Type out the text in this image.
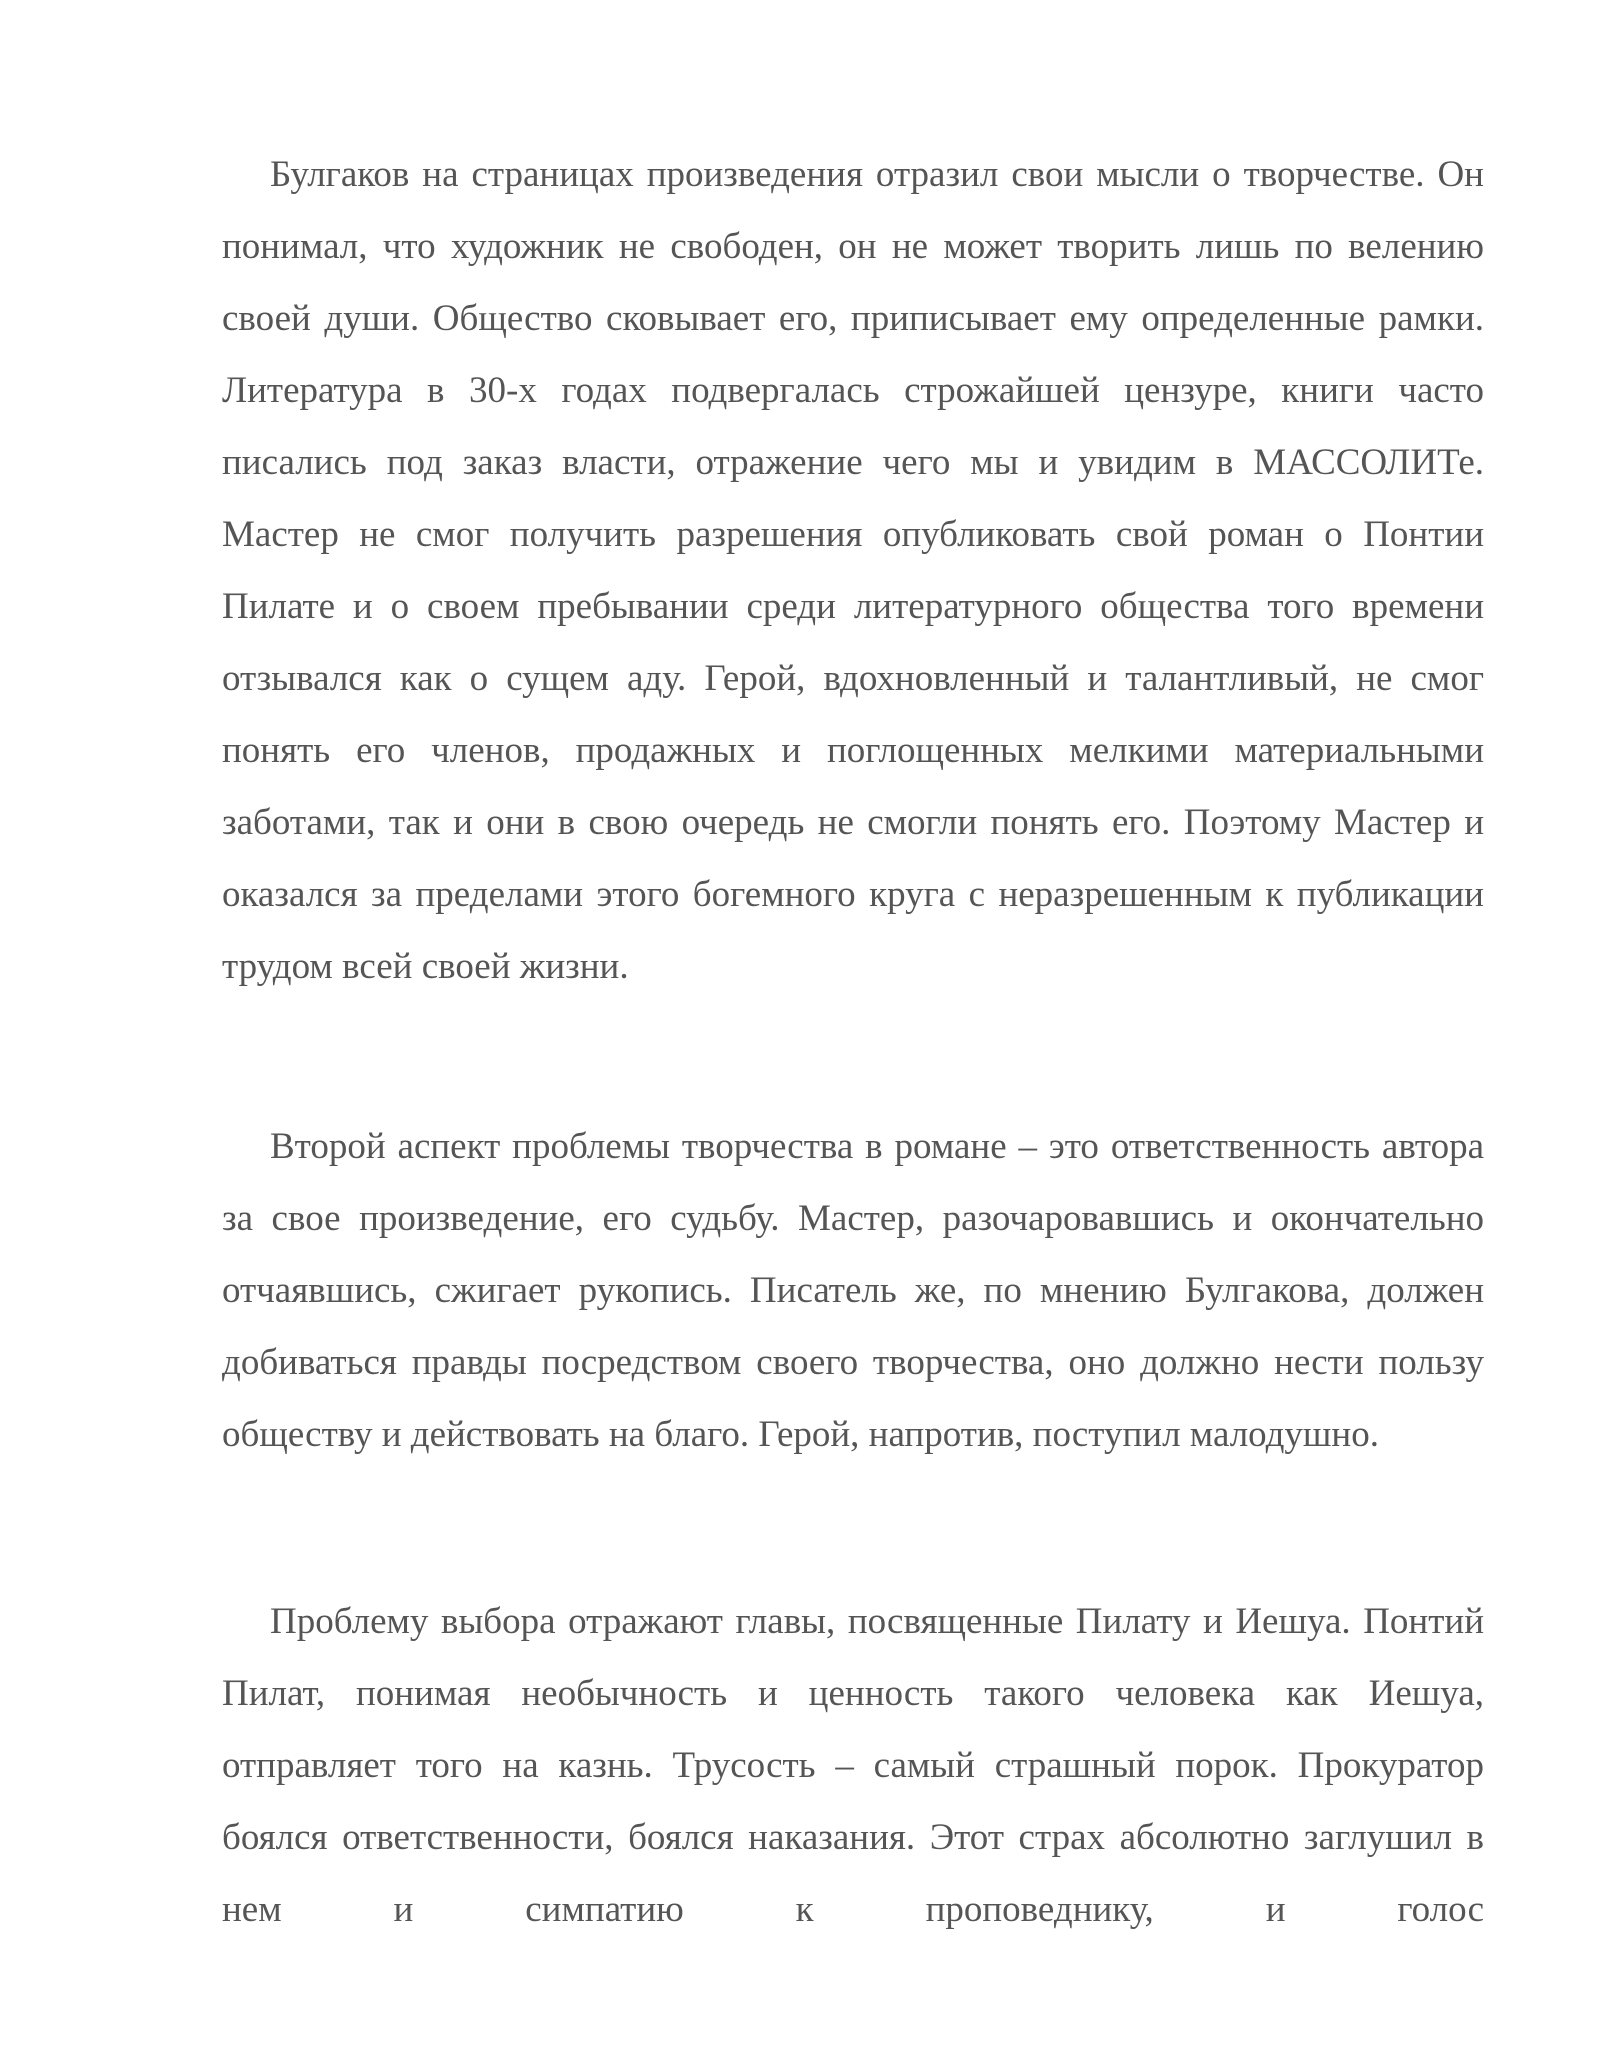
Булгаков на страницах произведения отразил свои мысли о творчестве. Он понимал, что художник не свободен, он не может творить лишь по велению своей души. Общество сковывает его, приписывает ему определенные рамки. Литература в 30-х годах подвергалась строжайшей цензуре, книги часто писались под заказ власти, отражение чего мы и увидим в МАССОЛИТе. Мастер не смог получить разрешения опубликовать свой роман о Понтии Пилате и о своем пребывании среди литературного общества того времени отзывался как о сущем аду. Герой, вдохновленный и талантливый, не смог понять его членов, продажных и поглощенных мелкими материальными заботами, так и они в свою очередь не смогли понять его. Поэтому Мастер и оказался за пределами этого богемного круга с неразрешенным к публикации трудом всей своей жизни.

Второй аспект проблемы творчества в романе – это ответственность автора за свое произведение, его судьбу. Мастер, разочаровавшись и окончательно отчаявшись, сжигает рукопись. Писатель же, по мнению Булгакова, должен добиваться правды посредством своего творчества, оно должно нести пользу обществу и действовать на благо. Герой, напротив, поступил малодушно.

Проблему выбора отражают главы, посвященные Пилату и Иешуа. Понтий Пилат, понимая необычность и ценность такого человека как Иешуа, отправляет того на казнь. Трусость – самый страшный порок. Прокуратор боялся ответственности, боялся наказания. Этот страх абсолютно заглушил в нем и симпатию к проповеднику, и голос
